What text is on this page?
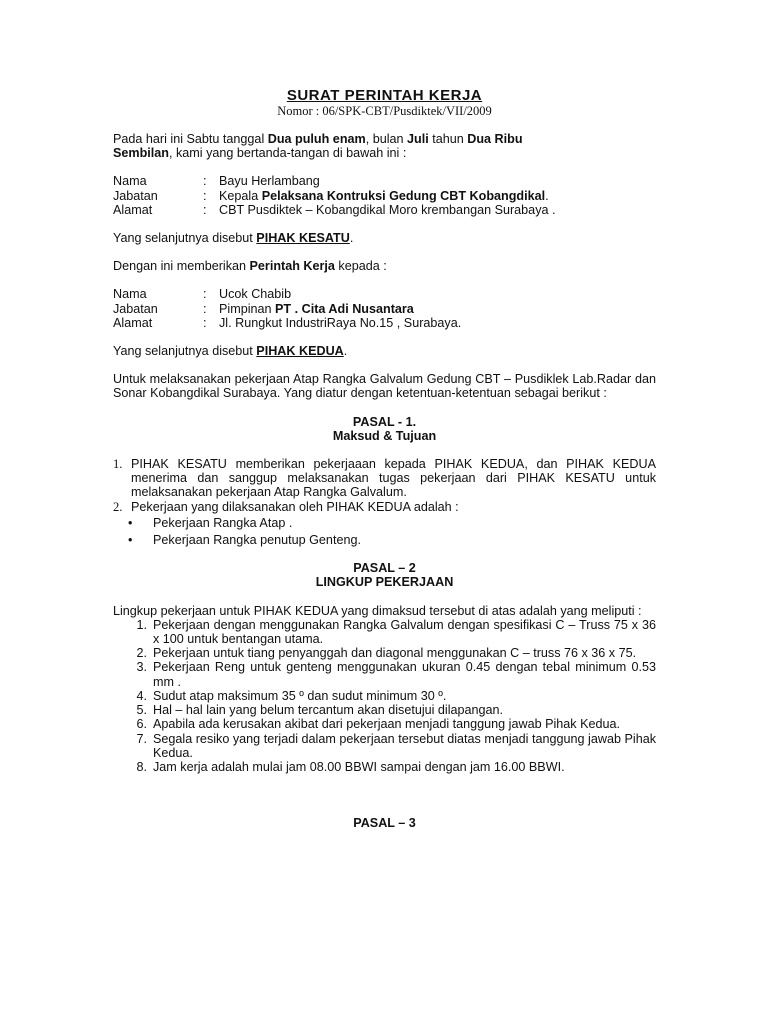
SURAT PERINTAH KERJA
Nomor : 06/SPK-CBT/Pusdiktek/VII/2009
Pada hari ini Sabtu tanggal Dua puluh enam, bulan Juli tahun Dua Ribu
Sembilan, kami yang bertanda-tangan di bawah ini :
Nama	: Bayu Herlambang
Jabatan	: Kepala Pelaksana Kontruksi Gedung CBT Kobangdikal.
Alamat	: CBT Pusdiktek – Kobangdikal Moro krembangan Surabaya .
Yang selanjutnya disebut PIHAK KESATU.
Dengan ini memberikan Perintah Kerja kepada :
Nama	: Ucok Chabib
Jabatan	: Pimpinan PT . Cita Adi Nusantara
Alamat	: Jl. Rungkut IndustriRaya No.15 , Surabaya.
Yang selanjutnya disebut PIHAK KEDUA.
Untuk melaksanakan pekerjaan Atap Rangka Galvalum Gedung CBT – Pusdiklek Lab.Radar dan Sonar Kobangdikal Surabaya. Yang diatur dengan ketentuan-ketentuan sebagai berikut :
PASAL - 1.
Maksud & Tujuan
1. PIHAK KESATU memberikan pekerjaaan kepada PIHAK KEDUA, dan PIHAK KEDUA menerima dan sanggup melaksanakan tugas pekerjaan dari PIHAK KESATU untuk melaksanakan pekerjaan Atap Rangka Galvalum.
2. Pekerjaan yang dilaksanakan oleh PIHAK KEDUA adalah :
•	Pekerjaan Rangka Atap .
•	Pekerjaan Rangka penutup Genteng.
PASAL – 2
LINGKUP PEKERJAAN
Lingkup pekerjaan untuk PIHAK KEDUA yang dimaksud tersebut di atas adalah yang meliputi :
1. Pekerjaan dengan menggunakan Rangka Galvalum dengan spesifikasi C – Truss 75 x 36 x 100 untuk bentangan utama.
2. Pekerjaan untuk tiang penyanggah dan diagonal menggunakan C – truss 76 x 36 x 75.
3. Pekerjaan Reng untuk genteng menggunakan ukuran 0.45 dengan tebal minimum 0.53 mm .
4. Sudut atap maksimum 35 º dan sudut minimum 30 º.
5. Hal – hal lain yang belum tercantum akan disetujui dilapangan.
6. Apabila ada kerusakan akibat dari pekerjaan menjadi tanggung jawab Pihak Kedua.
7. Segala resiko yang terjadi dalam pekerjaan tersebut diatas menjadi tanggung jawab Pihak Kedua.
8. Jam kerja adalah mulai jam 08.00 BBWI sampai dengan jam 16.00 BBWI.
PASAL – 3
